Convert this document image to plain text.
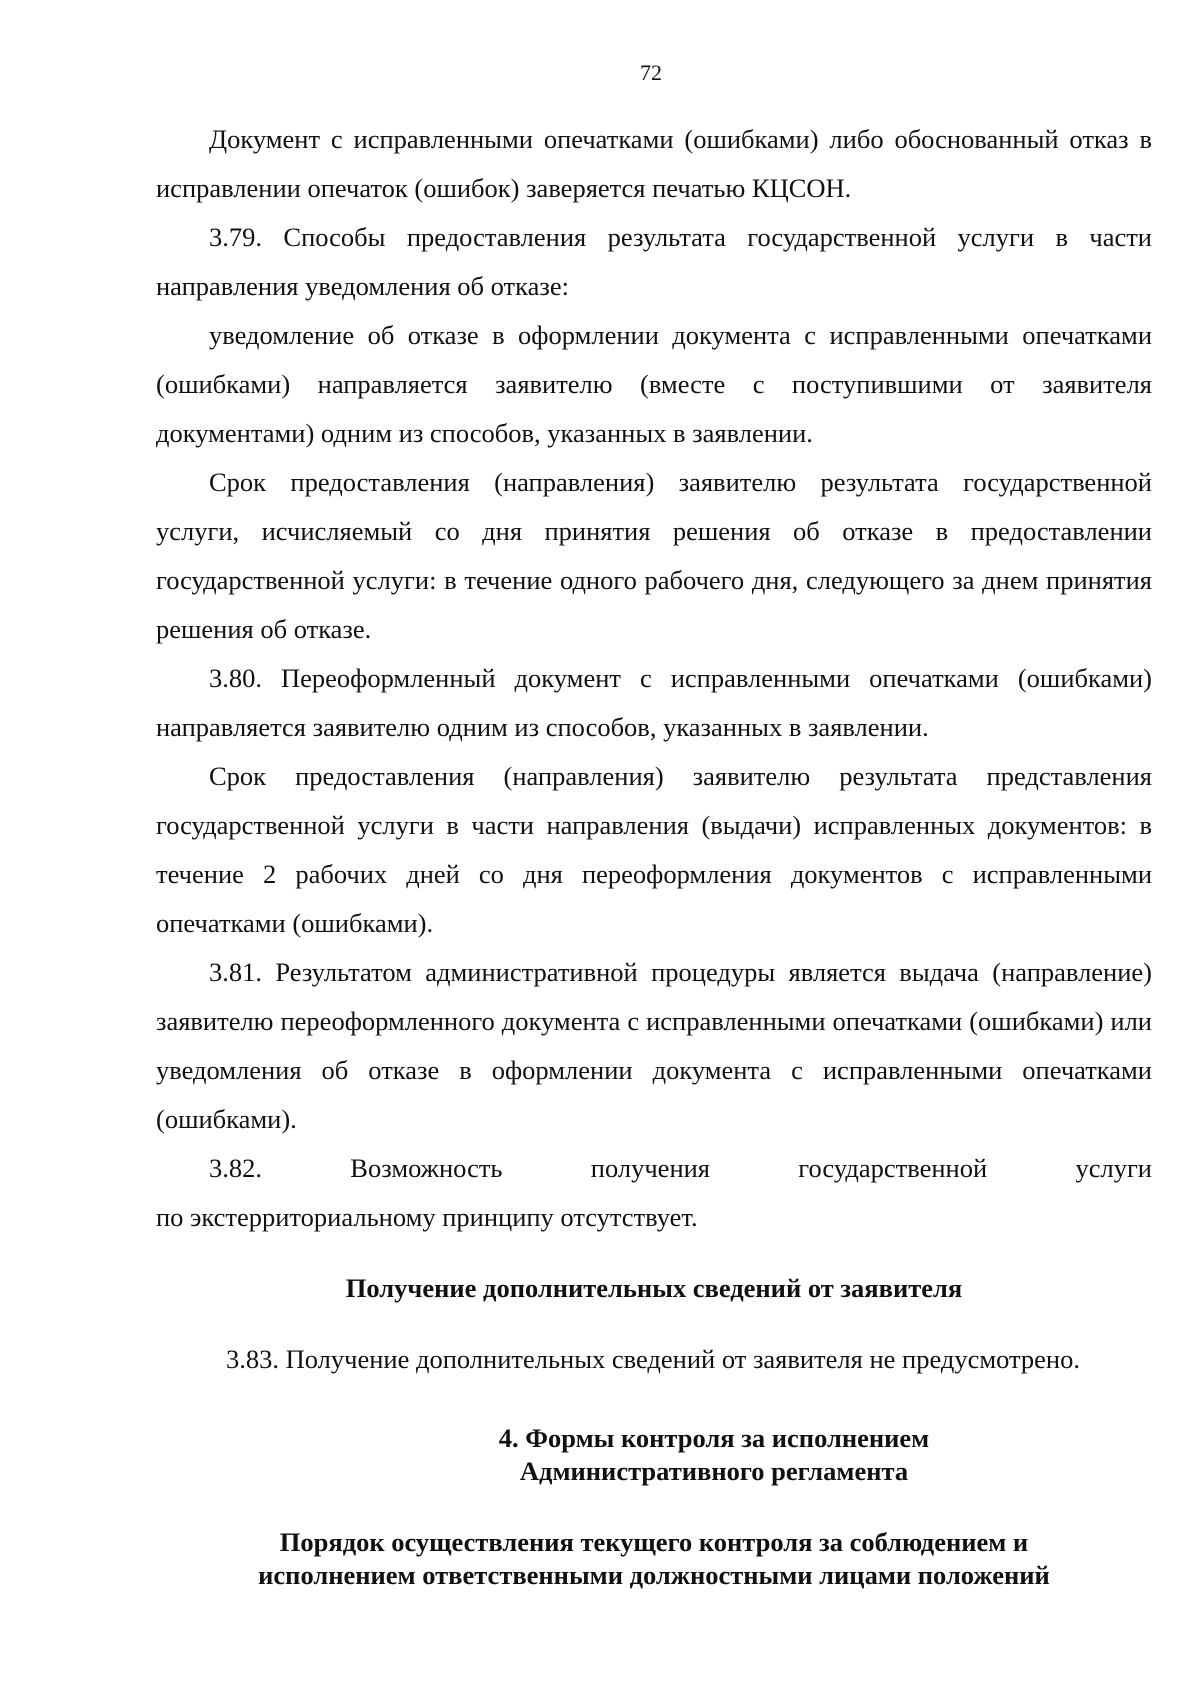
72

Документ с исправленными опечатками (ошибками) либо обоснованный отказ в исправлении опечаток (ошибок) заверяется печатью КЦСОН.

3.79. Способы предоставления результата государственной услуги в части направления уведомления об отказе:

уведомление об отказе в оформлении документа с исправленными опечатками (ошибками) направляется заявителю (вместе с поступившими от заявителя документами) одним из способов, указанных в заявлении.

Срок предоставления (направления) заявителю результата государственной услуги, исчисляемый со дня принятия решения об отказе в предоставлении государственной услуги: в течение одного рабочего дня, следующего за днем принятия решения об отказе.

3.80. Переоформленный документ с исправленными опечатками (ошибками) направляется заявителю одним из способов, указанных в заявлении.

Срок предоставления (направления) заявителю результата представления государственной услуги в части направления (выдачи) исправленных документов: в течение 2 рабочих дней со дня переоформления документов с исправленными опечатками (ошибками).

3.81. Результатом административной процедуры является выдача (направление) заявителю переоформленного документа с исправленными опечатками (ошибками) или уведомления об отказе в оформлении документа с исправленными опечатками (ошибками).

3.82. Возможность получения государственной услуги
по экстерриториальному принципу отсутствует.

Получение дополнительных сведений от заявителя

3.83. Получение дополнительных сведений от заявителя не предусмотрено.

4. Формы контроля за исполнением
Административного регламента
Порядок осуществления текущего контроля за соблюдением и
исполнением ответственными должностными лицами положений
